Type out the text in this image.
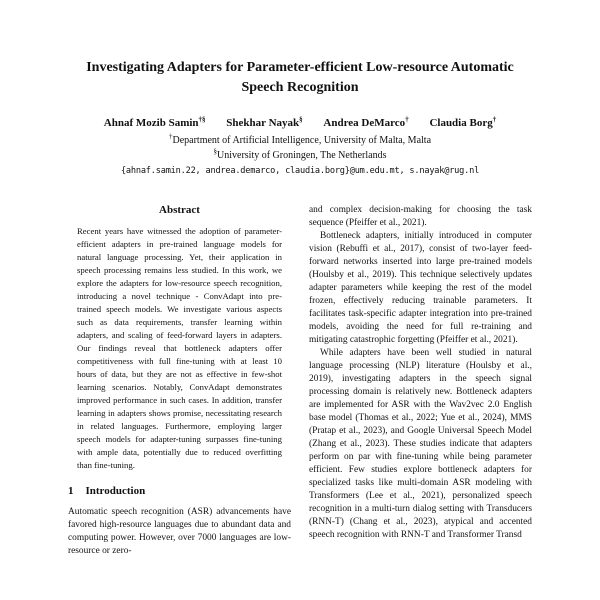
Investigating Adapters for Parameter-efficient Low-resource Automatic Speech Recognition
Ahnaf Mozib Samin†§ Shekhar Nayak§ Andrea DeMarco† Claudia Borg†
†Department of Artificial Intelligence, University of Malta, Malta
§University of Groningen, The Netherlands
{ahnaf.samin.22, andrea.demarco, claudia.borg}@um.edu.mt, s.nayak@rug.nl
Abstract

Recent years have witnessed the adoption of parameter-efficient adapters in pre-trained language models for natural language processing. Yet, their application in speech processing remains less studied. In this work, we explore the adapters for low-resource speech recognition, introducing a novel technique - ConvAdapt into pre-trained speech models. We investigate various aspects such as data requirements, transfer learning within adapters, and scaling of feed-forward layers in adapters. Our findings reveal that bottleneck adapters offer competitiveness with full fine-tuning with at least 10 hours of data, but they are not as effective in few-shot learning scenarios. Notably, ConvAdapt demonstrates improved performance in such cases. In addition, transfer learning in adapters shows promise, necessitating research in related languages. Furthermore, employing larger speech models for adapter-tuning surpasses fine-tuning with ample data, potentially due to reduced overfitting than fine-tuning.

1 Introduction

Automatic speech recognition (ASR) advancements have favored high-resource languages due to abundant data and computing power. However, over 7000 languages are low-resource or zero-

and complex decision-making for choosing the task sequence (Pfeiffer et al., 2021).

Bottleneck adapters, initially introduced in computer vision (Rebuffi et al., 2017), consist of two-layer feed-forward networks inserted into large pre-trained models (Houlsby et al., 2019). This technique selectively updates adapter parameters while keeping the rest of the model frozen, effectively reducing trainable parameters. It facilitates task-specific adapter integration into pre-trained models, avoiding the need for full re-training and mitigating catastrophic forgetting (Pfeiffer et al., 2021).

While adapters have been well studied in natural language processing (NLP) literature (Houlsby et al., 2019), investigating adapters in the speech signal processing domain is relatively new. Bottleneck adapters are implemented for ASR with the Wav2vec 2.0 English base model (Thomas et al., 2022; Yue et al., 2024), MMS (Pratap et al., 2023), and Google Universal Speech Model (Zhang et al., 2023). These studies indicate that adapters perform on par with fine-tuning while being parameter efficient. Few studies explore bottleneck adapters for specialized tasks like multi-domain ASR modeling with Transformers (Lee et al., 2021), personalized speech recognition in a multi-turn dialog setting with Transducers (RNN-T) (Chang et al., 2023), atypical and accented speech recognition with RNN-T and Transformer Transd
